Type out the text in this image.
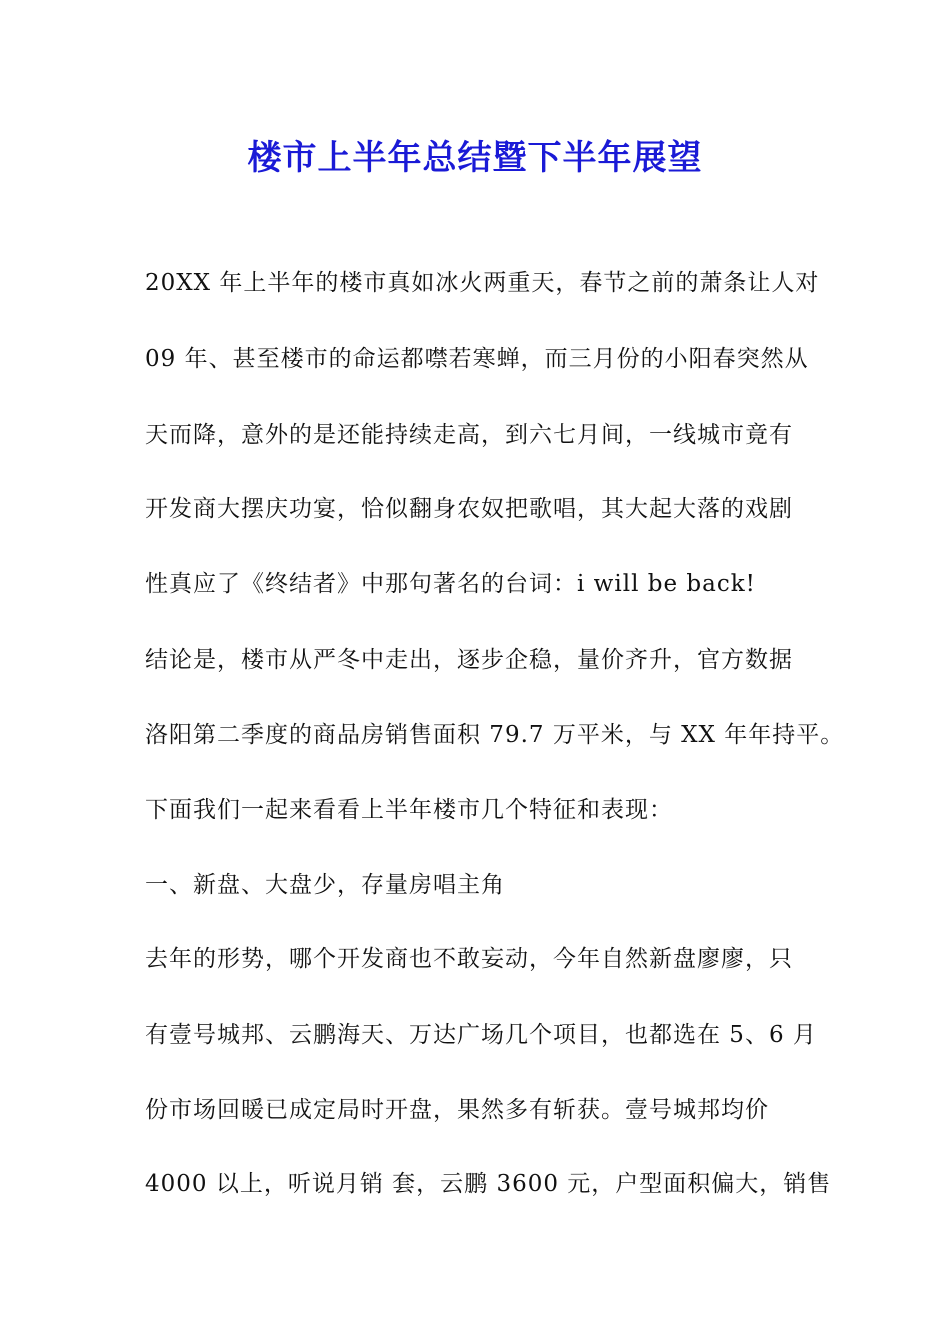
楼市上半年总结暨下半年展望

20XX 年上半年的楼市真如冰火两重天，春节之前的萧条让人对

09 年、甚至楼市的命运都噤若寒蝉，而三月份的小阳春突然从

天而降，意外的是还能持续走高，到六七月间，一线城市竟有

开发商大摆庆功宴，恰似翻身农奴把歌唱，其大起大落的戏剧

性真应了《终结者》中那句著名的台词：i will be back!

结论是，楼市从严冬中走出，逐步企稳，量价齐升，官方数据

洛阳第二季度的商品房销售面积 79.7 万平米，与 XX 年年持平。

下面我们一起来看看上半年楼市几个特征和表现：

一、新盘、大盘少，存量房唱主角

去年的形势，哪个开发商也不敢妄动，今年自然新盘廖廖，只

有壹号城邦、云鹏海天、万达广场几个项目，也都选在 5、6 月

份市场回暖已成定局时开盘，果然多有斩获。壹号城邦均价

4000 以上，听说月销 套，云鹏 3600 元，户型面积偏大，销售
